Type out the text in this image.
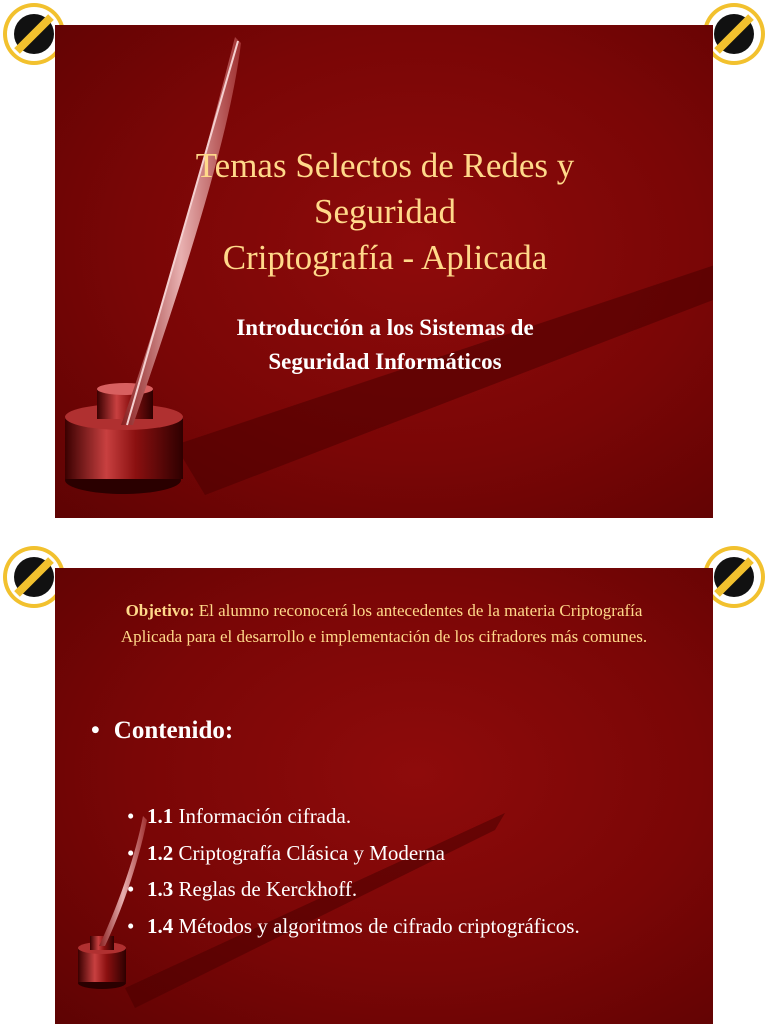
Temas Selectos de Redes y
Seguridad
Criptografía - Aplicada

Introducción a los Sistemas de
Seguridad Informáticos

Objetivo: El alumno reconocerá los antecedentes de la materia Criptografía Aplicada para el desarrollo e implementación de los cifradores más comunes.

• Contenido:
• 1.1 Información cifrada.
• 1.2 Criptografía Clásica y Moderna
• 1.3 Reglas de Kerckhoff.
• 1.4 Métodos y algoritmos de cifrado criptográficos.
